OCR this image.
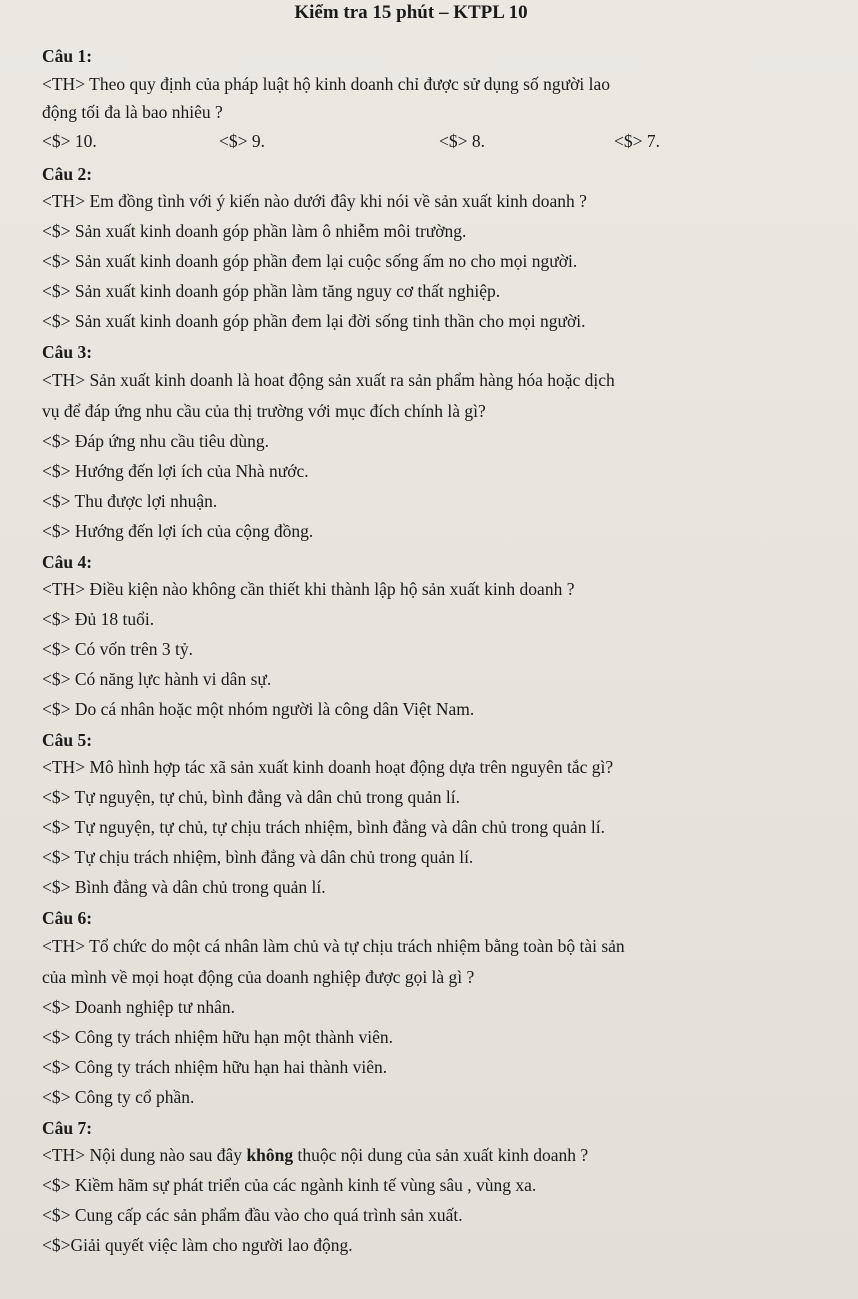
Kiểm tra 15 phút – KTPL 10
Câu 1:
<TH> Theo quy định của pháp luật hộ kinh doanh chỉ được sử dụng số người lao
động tối đa là bao nhiêu ?
<$> 10.	<$> 9.	<$> 8.	<$> 7.
Câu 2:
<TH> Em đồng tình với ý kiến nào dưới đây khi nói về sản xuất kinh doanh ?
<$> Sản xuất kinh doanh góp phần làm ô nhiễm môi trường.
<$> Sản xuất kinh doanh góp phần đem lại cuộc sống ấm no cho mọi người.
<$> Sản xuất kinh doanh góp phần làm tăng nguy cơ thất nghiệp.
<$> Sản xuất kinh doanh góp phần đem lại đời sống tinh thần cho mọi người.
Câu 3:
<TH> Sản xuất kinh doanh là hoat động sản xuất ra sản phẩm hàng hóa hoặc dịch
vụ để đáp ứng nhu cầu của thị trường với mục đích chính là gì?
<$> Đáp ứng nhu cầu tiêu dùng.
<$> Hướng đến lợi ích của Nhà nước.
<$> Thu được lợi nhuận.
<$> Hướng đến lợi ích của cộng đồng.
Câu 4:
<TH> Điều kiện nào không cần thiết khi thành lập hộ sản xuất kinh doanh ?
<$> Đủ 18 tuổi.
<$> Có vốn trên 3 tỷ.
<$> Có năng lực hành vi dân sự.
<$> Do cá nhân hoặc một nhóm người là công dân Việt Nam.
Câu 5:
<TH> Mô hình hợp tác xã sản xuất kinh doanh hoạt động dựa trên nguyên tắc gì?
<$> Tự nguyện, tự chủ, bình đẳng và dân chủ trong quản lí.
<$> Tự nguyện, tự chủ, tự chịu trách nhiệm, bình đẳng và dân chủ trong quản lí.
<$> Tự chịu trách nhiệm, bình đẳng và dân chủ trong quản lí.
<$> Bình đẳng và dân chủ trong quản lí.
Câu 6:
<TH> Tổ chức do một cá nhân làm chủ và tự chịu trách nhiệm bằng toàn bộ tài sản
của mình về mọi hoạt động của doanh nghiệp được gọi là gì ?
<$> Doanh nghiệp tư nhân.
<$> Công ty trách nhiệm hữu hạn một thành viên.
<$> Công ty trách nhiệm hữu hạn hai thành viên.
<$> Công ty cổ phần.
Câu 7:
<TH> Nội dung nào sau đây không thuộc nội dung của sản xuất kinh doanh ?
<$> Kiềm hãm sự phát triển của các ngành kinh tế vùng sâu , vùng xa.
<$> Cung cấp các sản phẩm đầu vào cho quá trình sản xuất.
<$>Giải quyết việc làm cho người lao động.
